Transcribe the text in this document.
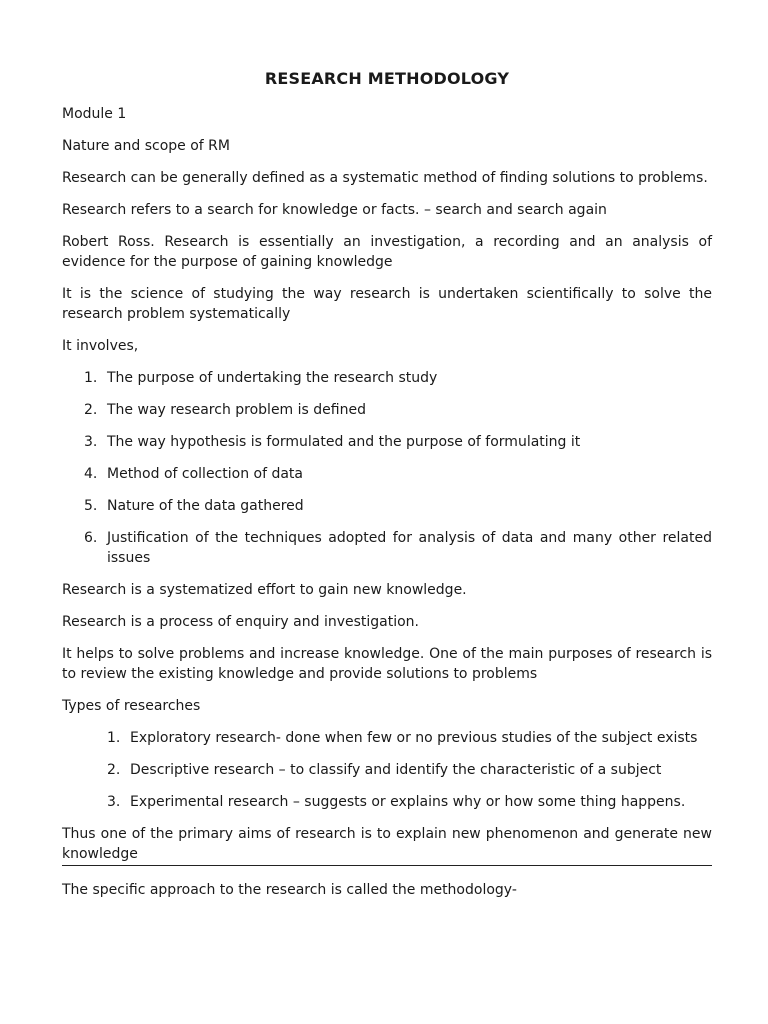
RESEARCH METHODOLOGY

Module 1

Nature and scope of RM

Research can be generally defined as a systematic method of finding solutions to problems.

Research refers to a search for knowledge or facts. – search and search again

Robert Ross. Research is essentially an investigation, a recording and an analysis of evidence for the purpose of gaining knowledge

It is the science of studying the way research is undertaken scientifically to solve the research problem systematically

It involves,

1. The purpose of undertaking the research study
2. The way research problem is defined
3. The way hypothesis is formulated and the purpose of formulating it
4. Method of collection of data
5. Nature of the data gathered
6. Justification of the techniques adopted for analysis of data and many other related issues

Research is a systematized effort to gain new knowledge.

Research is a process of enquiry and investigation.

It helps to solve problems and increase knowledge. One of the main purposes of research is to review the existing knowledge and provide solutions to problems

Types of researches

1. Exploratory research- done when few or no previous studies of the subject exists
2. Descriptive research – to classify and identify the characteristic of a subject
3. Experimental research – suggests or explains why or how some thing happens.

Thus one of the primary aims of research is to explain new phenomenon and generate new knowledge

The specific approach to the research is called the methodology-
